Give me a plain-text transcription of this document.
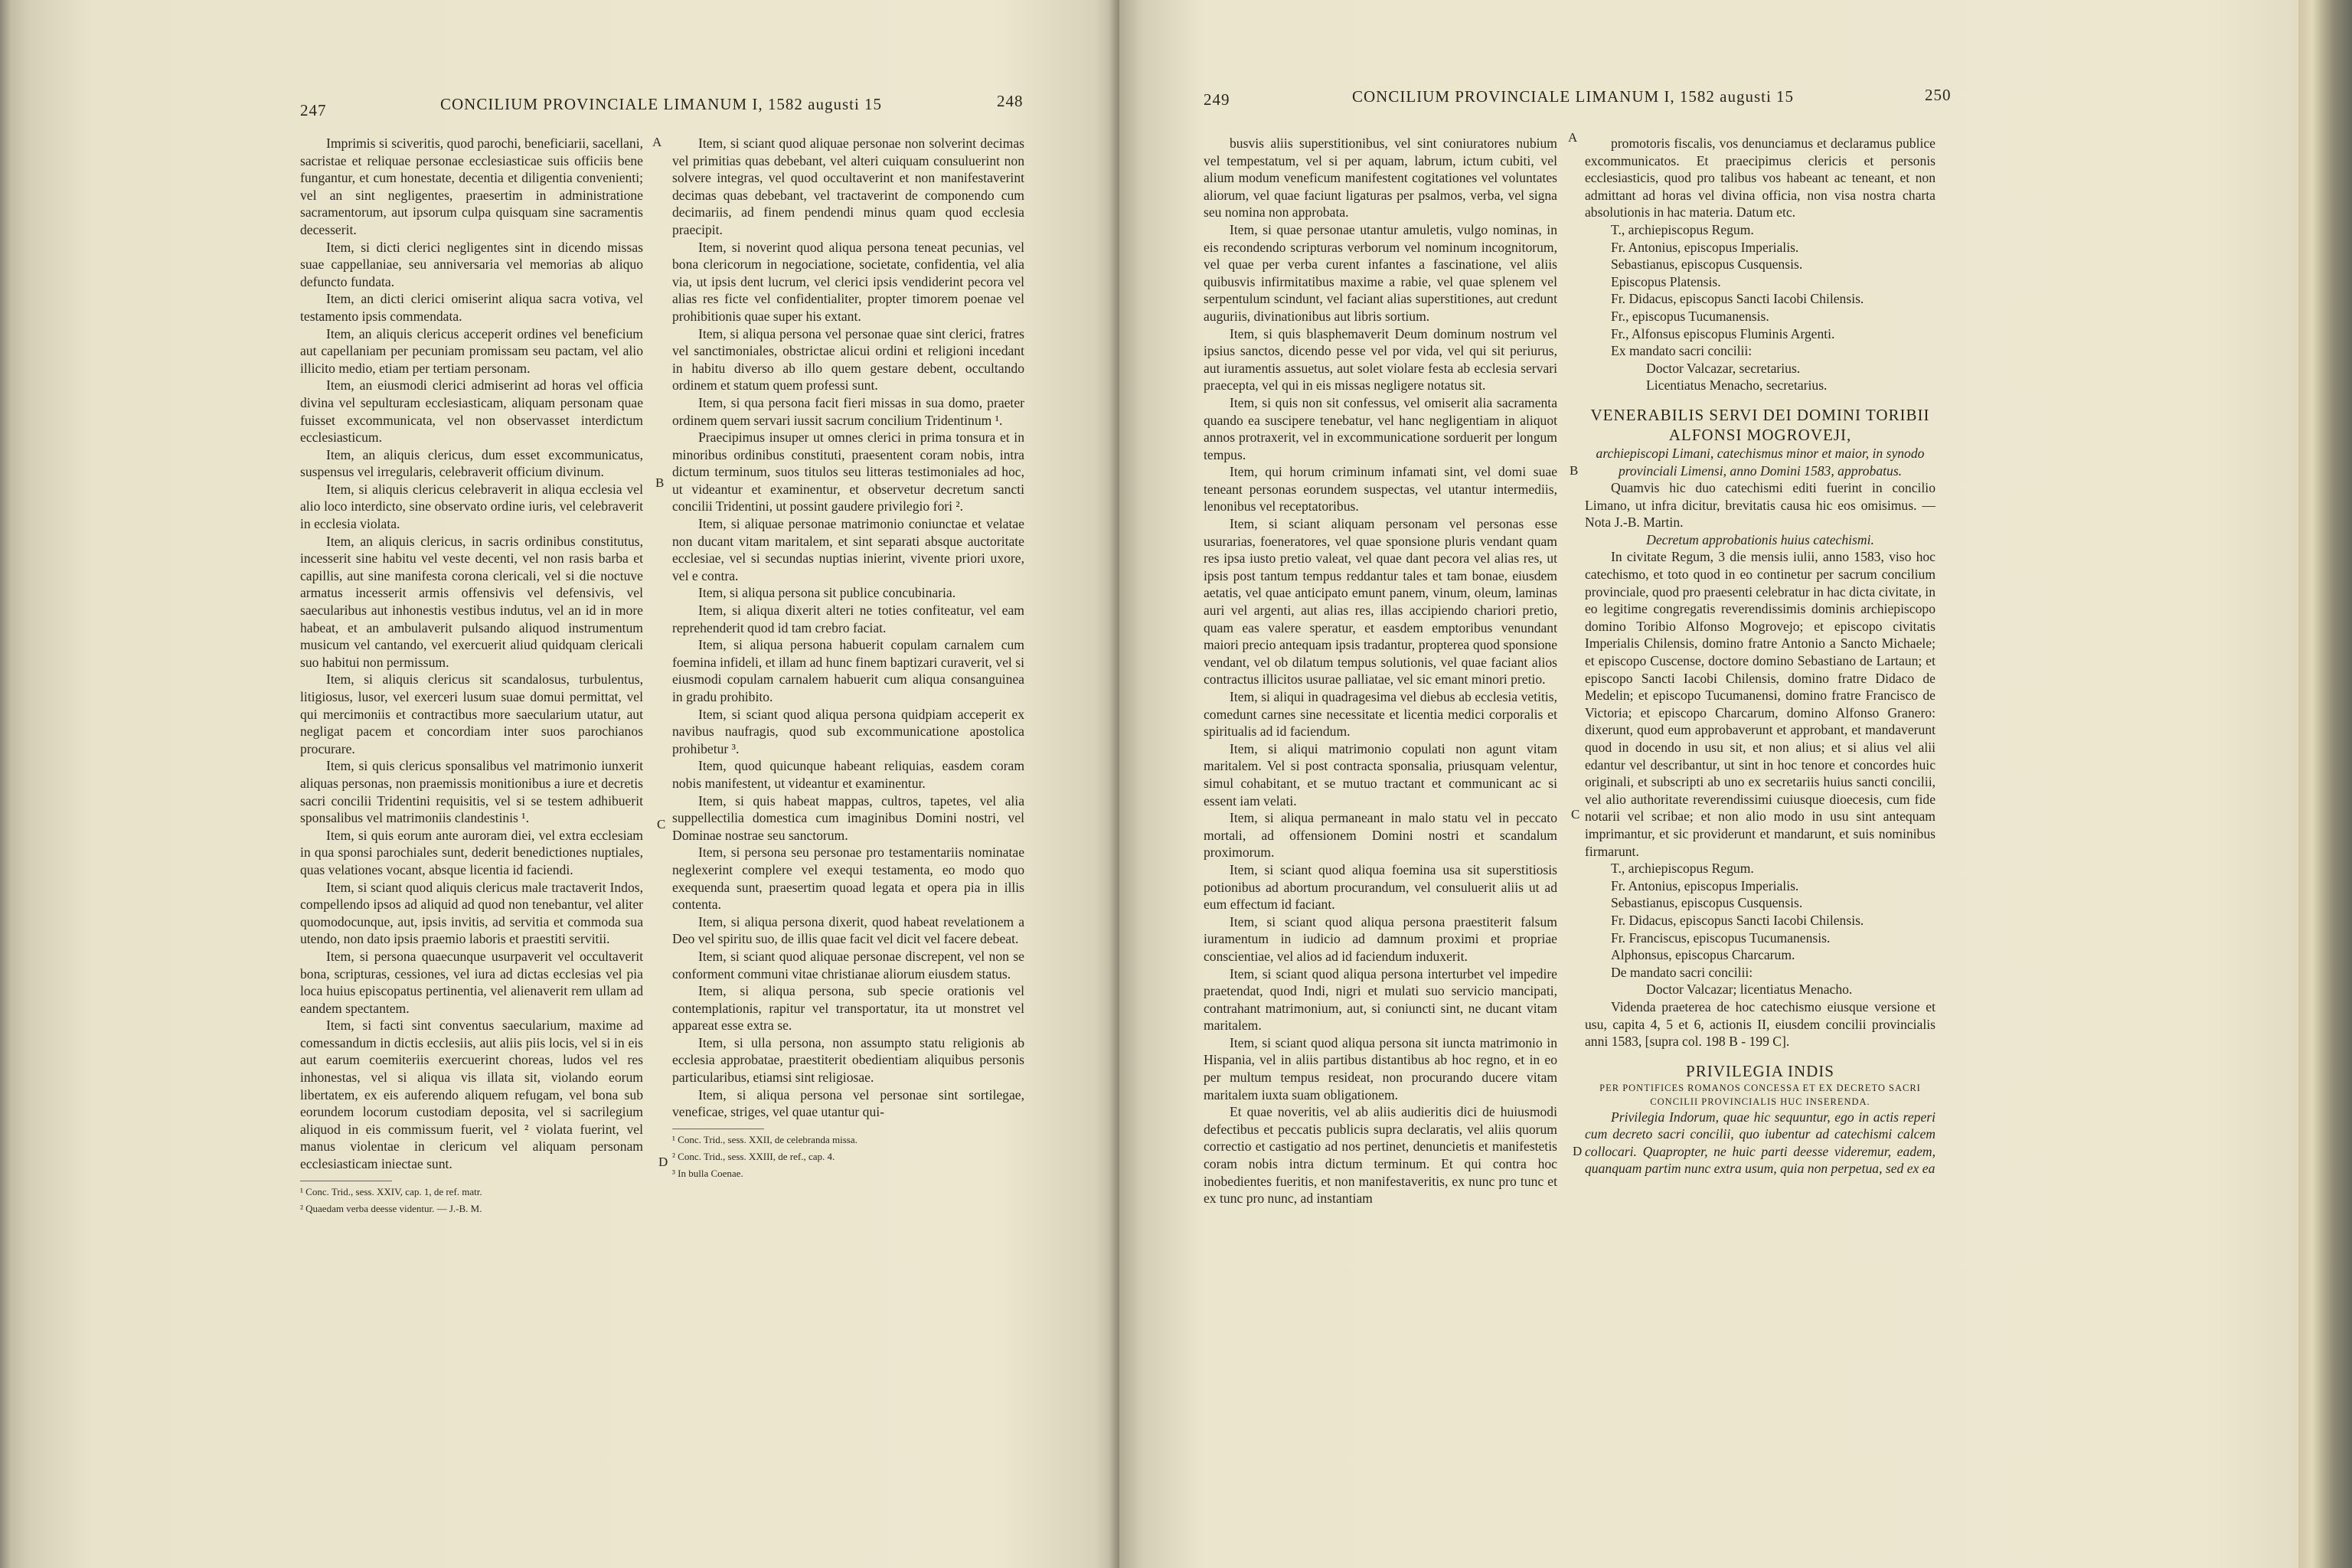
247	CONCILIUM PROVINCIALE LIMANUM I, 1582 augusti 15	248

Imprimis si sciveritis, quod parochi, beneficiarii, sacellani, sacristae et reliquae personae ecclesiasticae suis officiis bene fungantur, et cum honestate, decentia et diligentia convenienti; vel an sint negligentes, praesertim in administratione sacramentorum, aut ipsorum culpa quisquam sine sacramentis decesserit.

Item, si dicti clerici negligentes sint in dicendo missas suae cappellaniae, seu anniversaria vel memorias ab aliquo defuncto fundata.

Item, an dicti clerici omiserint aliqua sacra votiva, vel testamento ipsis commendata.

Item, an aliquis clericus acceperit ordines vel beneficium aut capellaniam per pecuniam promissam seu pactam, vel alio illicito medio, etiam per tertiam personam.

Item, an eiusmodi clerici admiserint ad horas vel officia divina vel sepulturam ecclesiasticam, aliquam personam quae fuisset excommunicata, vel non observasset interdictum ecclesiasticum.

Item, an aliquis clericus, dum esset excommunicatus, suspensus vel irregularis, celebraverit officium divinum.

Item, si aliquis clericus celebraverit in aliqua ecclesia vel alio loco interdicto, sine observato ordine iuris, vel celebraverit in ecclesia violata.

Item, an aliquis clericus, in sacris ordinibus constitutus, incesserit sine habitu vel veste decenti, vel non rasis barba et capillis, aut sine manifesta corona clericali, vel si die noctuve armatus incesserit armis offensivis vel defensivis, vel saecularibus aut inhonestis vestibus indutus, vel an id in more habeat, et an ambulaverit pulsando aliquod instrumentum musicum vel cantando, vel exercuerit aliud quidquam clericali suo habitui non permissum.

Item, si aliquis clericus sit scandalosus, turbulentus, litigiosus, lusor, vel exerceri lusum suae domui permittat, vel qui mercimoniis et contractibus more saecularium utatur, aut negligat pacem et concordiam inter suos parochianos procurare.

Item, si quis clericus sponsalibus vel matrimonio iunxerit aliquas personas, non praemissis monitionibus a iure et decretis sacri concilii Tridentini requisitis, vel si se testem adhibuerit sponsalibus vel matrimoniis clandestinis ¹.

Item, si quis eorum ante auroram diei, vel extra ecclesiam in qua sponsi parochiales sunt, dederit benedictiones nuptiales, quas velationes vocant, absque licentia id faciendi.

Item, si sciant quod aliquis clericus male tractaverit Indos, compellendo ipsos ad aliquid ad quod non tenebantur, vel aliter quomodocunque, aut, ipsis invitis, ad servitia et commoda sua utendo, non dato ipsis praemio laboris et praestiti servitii.

Item, si persona quaecunque usurpaverit vel occultaverit bona, scripturas, cessiones, vel iura ad dictas ecclesias vel pia loca huius episcopatus pertinentia, vel alienaverit rem ullam ad eandem spectantem.

Item, si facti sint conventus saecularium, maxime ad comessandum in dictis ecclesiis, aut aliis piis locis, vel si in eis aut earum coemiteriis exercuerint choreas, ludos vel res inhonestas, vel si aliqua vis illata sit, violando eorum libertatem, ex eis auferendo aliquem refugam, vel bona sub eorundem locorum custodiam deposita, vel si sacrilegium aliquod in eis commissum fuerit, vel ² violata fuerint, vel manus violentae in clericum vel aliquam personam ecclesiasticam iniectae sunt.

¹ Conc. Trid., sess. XXIV, cap. 1, de ref. matr.

² Quaedam verba deesse videntur. — J.-B. M.

Item, si sciant quod aliquae personae non solverint decimas vel primitias quas debebant, vel alteri cuiquam consuluerint non solvere integras, vel quod occultaverint et non manifestaverint decimas quas debebant, vel tractaverint de componendo cum decimariis, ad finem pendendi minus quam quod ecclesia praecipit.

Item, si noverint quod aliqua persona teneat pecunias, vel bona clericorum in negociatione, societate, confidentia, vel alia via, ut ipsis dent lucrum, vel clerici ipsis vendiderint pecora vel alias res ficte vel confidentialiter, propter timorem poenae vel prohibitionis quae super his extant.

Item, si aliqua persona vel personae quae sint clerici, fratres vel sanctimoniales, obstrictae alicui ordini et religioni incedant in habitu diverso ab illo quem gestare debent, occultando ordinem et statum quem professi sunt.

Item, si qua persona facit fieri missas in sua domo, praeter ordinem quem servari iussit sacrum concilium Tridentinum ¹.

Praecipimus insuper ut omnes clerici in prima tonsura et in minoribus ordinibus constituti, praesentent coram nobis, intra dictum terminum, suos titulos seu litteras testimoniales ad hoc, ut videantur et examinentur, et observetur decretum sancti concilii Tridentini, ut possint gaudere privilegio fori ².

Item, si aliquae personae matrimonio coniunctae et velatae non ducant vitam maritalem, et sint separati absque auctoritate ecclesiae, vel si secundas nuptias inierint, vivente priori uxore, vel e contra.

Item, si aliqua persona sit publice concubinaria.

Item, si aliqua dixerit alteri ne toties confiteatur, vel eam reprehenderit quod id tam crebro faciat.

Item, si aliqua persona habuerit copulam carnalem cum foemina infideli, et illam ad hunc finem baptizari curaverit, vel si eiusmodi copulam carnalem habuerit cum aliqua consanguinea in gradu prohibito.

Item, si sciant quod aliqua persona quidpiam acceperit ex navibus naufragis, quod sub excommunicatione apostolica prohibetur ³.

Item, quod quicunque habeant reliquias, easdem coram nobis manifestent, ut videantur et examinentur.

Item, si quis habeat mappas, cultros, tapetes, vel alia suppellectilia domestica cum imaginibus Domini nostri, vel Dominae nostrae seu sanctorum.

Item, si persona seu personae pro testamentariis nominatae neglexerint complere vel exequi testamenta, eo modo quo exequenda sunt, praesertim quoad legata et opera pia in illis contenta.

Item, si aliqua persona dixerit, quod habeat revelationem a Deo vel spiritu suo, de illis quae facit vel dicit vel facere debeat.

Item, si sciant quod aliquae personae discrepent, vel non se conforment communi vitae christianae aliorum eiusdem status.

Item, si aliqua persona, sub specie orationis vel contemplationis, rapitur vel transportatur, ita ut monstret vel appareat esse extra se.

Item, si ulla persona, non assumpto statu religionis ab ecclesia approbatae, praestiterit obedientiam aliquibus personis particularibus, etiamsi sint religiosae.

Item, si aliqua persona vel personae sint sortilegae, veneficae, striges, vel quae utantur qui-

¹ Conc. Trid., sess. XXII, de celebranda missa.

² Conc. Trid., sess. XXIII, de ref., cap. 4.

³ In bulla Coenae.

A
B
C
D
249	CONCILIUM PROVINCIALE LIMANUM I, 1582 augusti 15	250

busvis aliis superstitionibus, vel sint coniuratores nubium vel tempestatum, vel si per aquam, labrum, ictum cubiti, vel alium modum veneficum manifestent cogitationes vel voluntates aliorum, vel quae faciunt ligaturas per psalmos, verba, vel signa seu nomina non approbata.

Item, si quae personae utantur amuletis, vulgo nominas, in eis recondendo scripturas verborum vel nominum incognitorum, vel quae per verba curent infantes a fascinatione, vel aliis quibusvis infirmitatibus maxime a rabie, vel quae splenem vel serpentulum scindunt, vel faciant alias superstitiones, aut credunt auguriis, divinationibus aut libris sortium.

Item, si quis blasphemaverit Deum dominum nostrum vel ipsius sanctos, dicendo pesse vel por vida, vel qui sit periurus, aut iuramentis assuetus, aut solet violare festa ab ecclesia servari praecepta, vel qui in eis missas negligere notatus sit.

Item, si quis non sit confessus, vel omiserit alia sacramenta quando ea suscipere tenebatur, vel hanc negligentiam in aliquot annos protraxerit, vel in excommunicatione sorduerit per longum tempus.

Item, qui horum criminum infamati sint, vel domi suae teneant personas eorundem suspectas, vel utantur intermediis, lenonibus vel receptatoribus.

Item, si sciant aliquam personam vel personas esse usurarias, foeneratores, vel quae sponsione pluris vendant quam res ipsa iusto pretio valeat, vel quae dant pecora vel alias res, ut ipsis post tantum tempus reddantur tales et tam bonae, eiusdem aetatis, vel quae anticipato emunt panem, vinum, oleum, laminas auri vel argenti, aut alias res, illas accipiendo chariori pretio, quam eas valere speratur, et easdem emptoribus venundant maiori precio antequam ipsis tradantur, propterea quod sponsione vendant, vel ob dilatum tempus solutionis, vel quae faciant alios contractus illicitos usurae palliatae, vel sic emant minori pretio.

Item, si aliqui in quadragesima vel diebus ab ecclesia vetitis, comedunt carnes sine necessitate et licentia medici corporalis et spiritualis ad id faciendum.

Item, si aliqui matrimonio copulati non agunt vitam maritalem. Vel si post contracta sponsalia, priusquam velentur, simul cohabitant, et se mutuo tractant et communicant ac si essent iam velati.

Item, si aliqua permaneant in malo statu vel in peccato mortali, ad offensionem Domini nostri et scandalum proximorum.

Item, si sciant quod aliqua foemina usa sit superstitiosis potionibus ad abortum procurandum, vel consuluerit aliis ut ad eum effectum id faciant.

Item, si sciant quod aliqua persona praestiterit falsum iuramentum in iudicio ad damnum proximi et propriae conscientiae, vel alios ad id faciendum induxerit.

Item, si sciant quod aliqua persona interturbet vel impedire praetendat, quod Indi, nigri et mulati suo servicio mancipati, contrahant matrimonium, aut, si coniuncti sint, ne ducant vitam maritalem.

Item, si sciant quod aliqua persona sit iuncta matrimonio in Hispania, vel in aliis partibus distantibus ab hoc regno, et in eo per multum tempus resideat, non procurando ducere vitam maritalem iuxta suam obligationem.

Et quae noveritis, vel ab aliis audieritis dici de huiusmodi defectibus et peccatis publicis supra declaratis, vel aliis quorum correctio et castigatio ad nos pertinet, denuncietis et manifestetis coram nobis intra dictum terminum. Et qui contra hoc inobedientes fueritis, et non manifestaveritis, ex nunc pro tunc et ex tunc pro nunc, ad instantiam

promotoris fiscalis, vos denunciamus et declaramus publice excommunicatos. Et praecipimus clericis et personis ecclesiasticis, quod pro talibus vos habeant ac teneant, et non admittant ad horas vel divina officia, non visa nostra charta absolutionis in hac materia. Datum etc.

T., archiepiscopus Regum.

Fr. Antonius, episcopus Imperialis.

Sebastianus, episcopus Cusquensis.

Episcopus Platensis.

Fr. Didacus, episcopus Sancti Iacobi Chilensis.

Fr., episcopus Tucumanensis.

Fr., Alfonsus episcopus Fluminis Argenti.

Ex mandato sacri concilii:

Doctor Valcazar, secretarius.

Licentiatus Menacho, secretarius.

VENERABILIS SERVI DEI DOMINI TORIBII ALFONSI MOGROVEJI,

archiepiscopi Limani, catechismus minor et maior, in synodo provinciali Limensi, anno Domini 1583, approbatus.

Quamvis hic duo catechismi editi fuerint in concilio Limano, ut infra dicitur, brevitatis causa hic eos omisimus. — Nota J.-B. Martin.

Decretum approbationis huius catechismi.

In civitate Regum, 3 die mensis iulii, anno 1583, viso hoc catechismo, et toto quod in eo continetur per sacrum concilium provinciale, quod pro praesenti celebratur in hac dicta civitate, in eo legitime congregatis reverendissimis dominis archiepiscopo domino Toribio Alfonso Mogrovejo; et episcopo civitatis Imperialis Chilensis, domino fratre Antonio a Sancto Michaele; et episcopo Cuscense, doctore domino Sebastiano de Lartaun; et episcopo Sancti Iacobi Chilensis, domino fratre Didaco de Medelin; et episcopo Tucumanensi, domino fratre Francisco de Victoria; et episcopo Charcarum, domino Alfonso Granero: dixerunt, quod eum approbaverunt et approbant, et mandaverunt quod in docendo in usu sit, et non alius; et si alius vel alii edantur vel describantur, ut sint in hoc tenore et concordes huic originali, et subscripti ab uno ex secretariis huius sancti concilii, vel alio authoritate reverendissimi cuiusque dioecesis, cum fide notarii vel scribae; et non alio modo in usu sint antequam imprimantur, et sic providerunt et mandarunt, et suis nominibus firmarunt.

T., archiepiscopus Regum.

Fr. Antonius, episcopus Imperialis.

Sebastianus, episcopus Cusquensis.

Fr. Didacus, episcopus Sancti Iacobi Chilensis.

Fr. Franciscus, episcopus Tucumanensis.

Alphonsus, episcopus Charcarum.

De mandato sacri concilii:

Doctor Valcazar; licentiatus Menacho.

Videnda praeterea de hoc catechismo eiusque versione et usu, capita 4, 5 et 6, actionis II, eiusdem concilii provincialis anni 1583, [supra col. 198 B - 199 C].

PRIVILEGIA INDIS

PER PONTIFICES ROMANOS CONCESSA ET EX DECRETO SACRI CONCILII PROVINCIALIS HUC INSERENDA.

Privilegia Indorum, quae hic sequuntur, ego in actis reperi cum decreto sacri concilii, quo iubentur ad catechismi calcem collocari. Quapropter, ne huic parti deesse videremur, eadem, quanquam partim nunc extra usum, quia non perpetua, sed ex ea

A
B
C
D
